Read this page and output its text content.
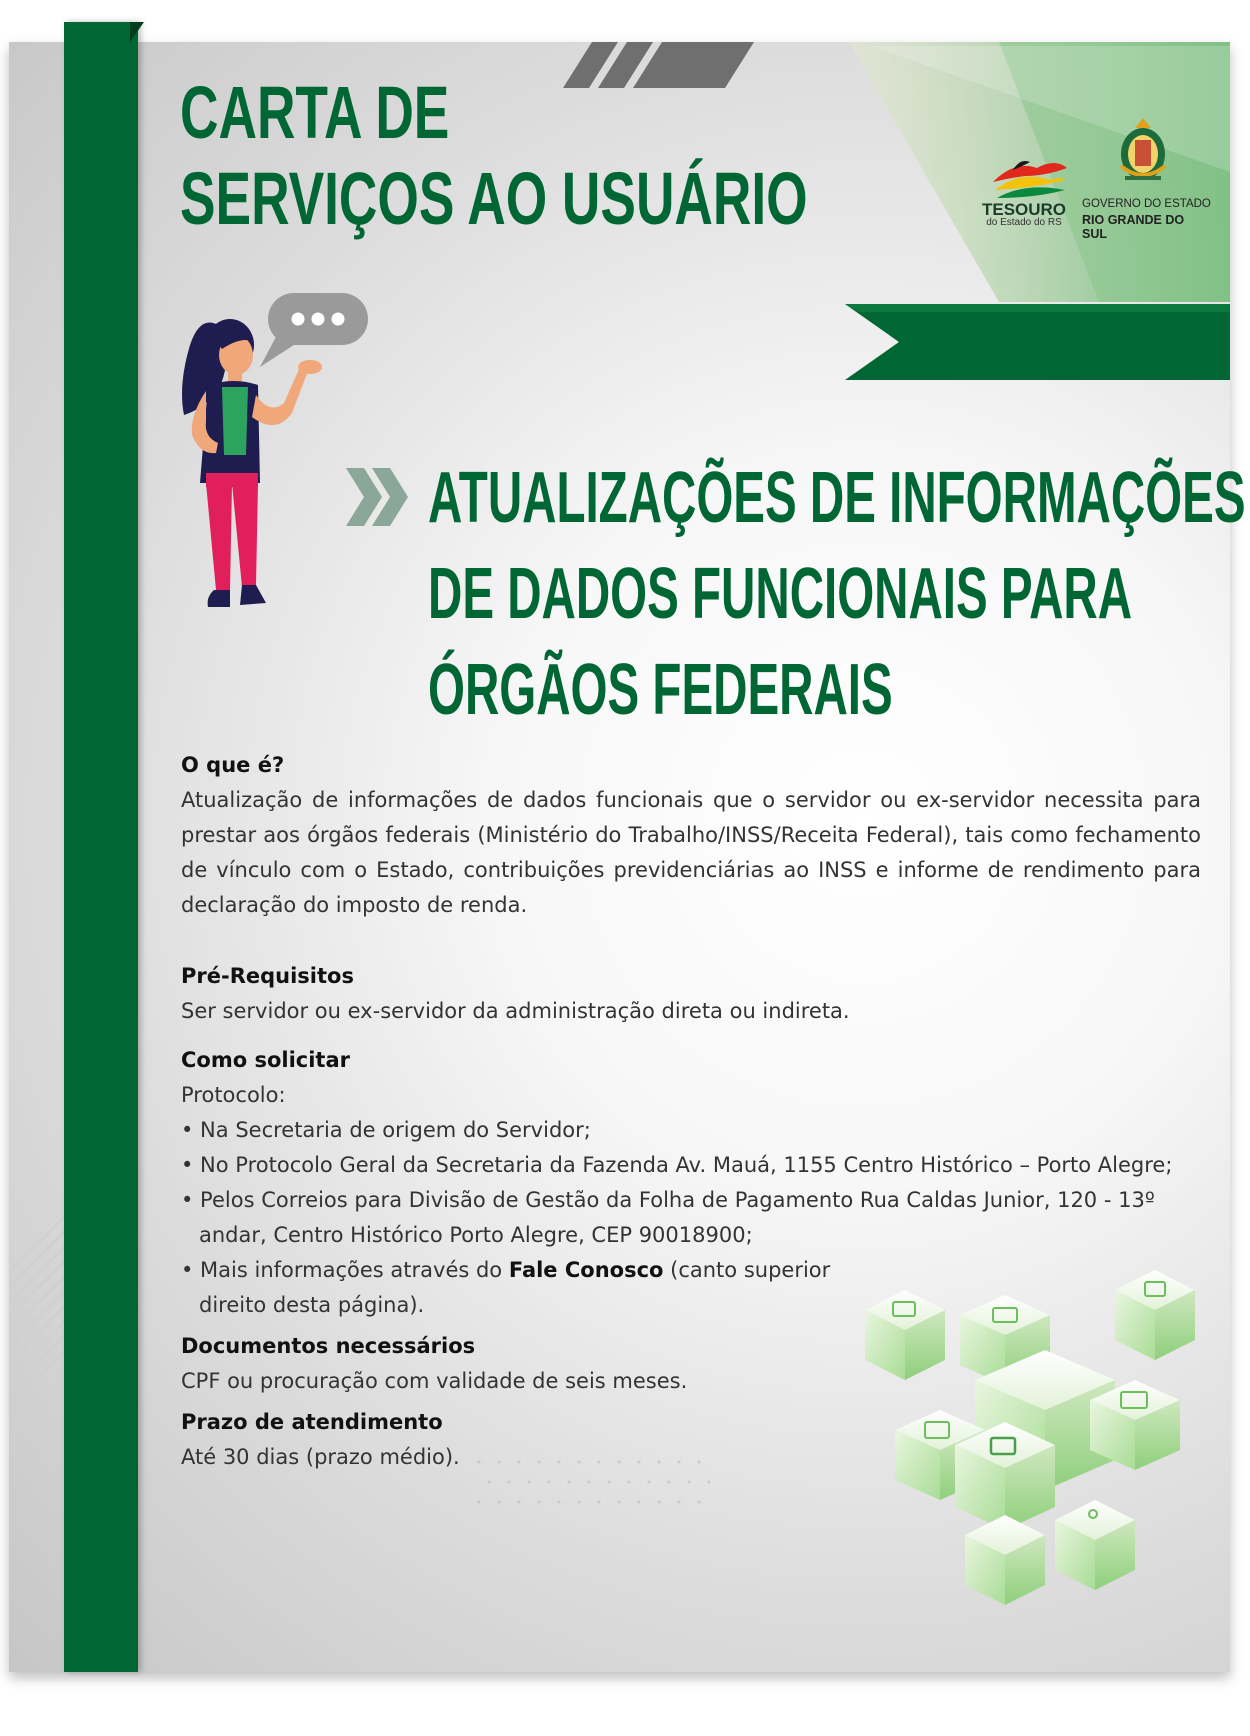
CARTA DE
SERVIÇOS AO USUÁRIO	TESOURO
do Estado do RS
GOVERNO DO ESTADO
RIO GRANDE DO SUL
ATUALIZAÇÕES DE INFORMAÇÕES
DE DADOS FUNCIONAIS PARA
ÓRGÃOS FEDERAIS

O que é?

Atualização de informações de dados funcionais que o servidor ou ex-servidor necessita para prestar aos órgãos federais (Ministério do Trabalho/INSS/Receita Federal), tais como fechamento de vínculo com o Estado, contribuições previdenciárias ao INSS e informe de rendimento para declaração do imposto de renda.

Pré-Requisitos

Ser servidor ou ex-servidor da administração direta ou indireta.

Como solicitar

Protocolo:

• Na Secretaria de origem do Servidor;
• No Protocolo Geral da Secretaria da Fazenda Av. Mauá, 1155 Centro Histórico – Porto Alegre;
• Pelos Correios para Divisão de Gestão da Folha de Pagamento Rua Caldas Junior, 120 - 13º andar, Centro Histórico Porto Alegre, CEP 90018900;
• Mais informações através do Fale Conosco (canto superior direito desta página).

Documentos necessários

CPF ou procuração com validade de seis meses.

Prazo de atendimento

Até 30 dias (prazo médio).
